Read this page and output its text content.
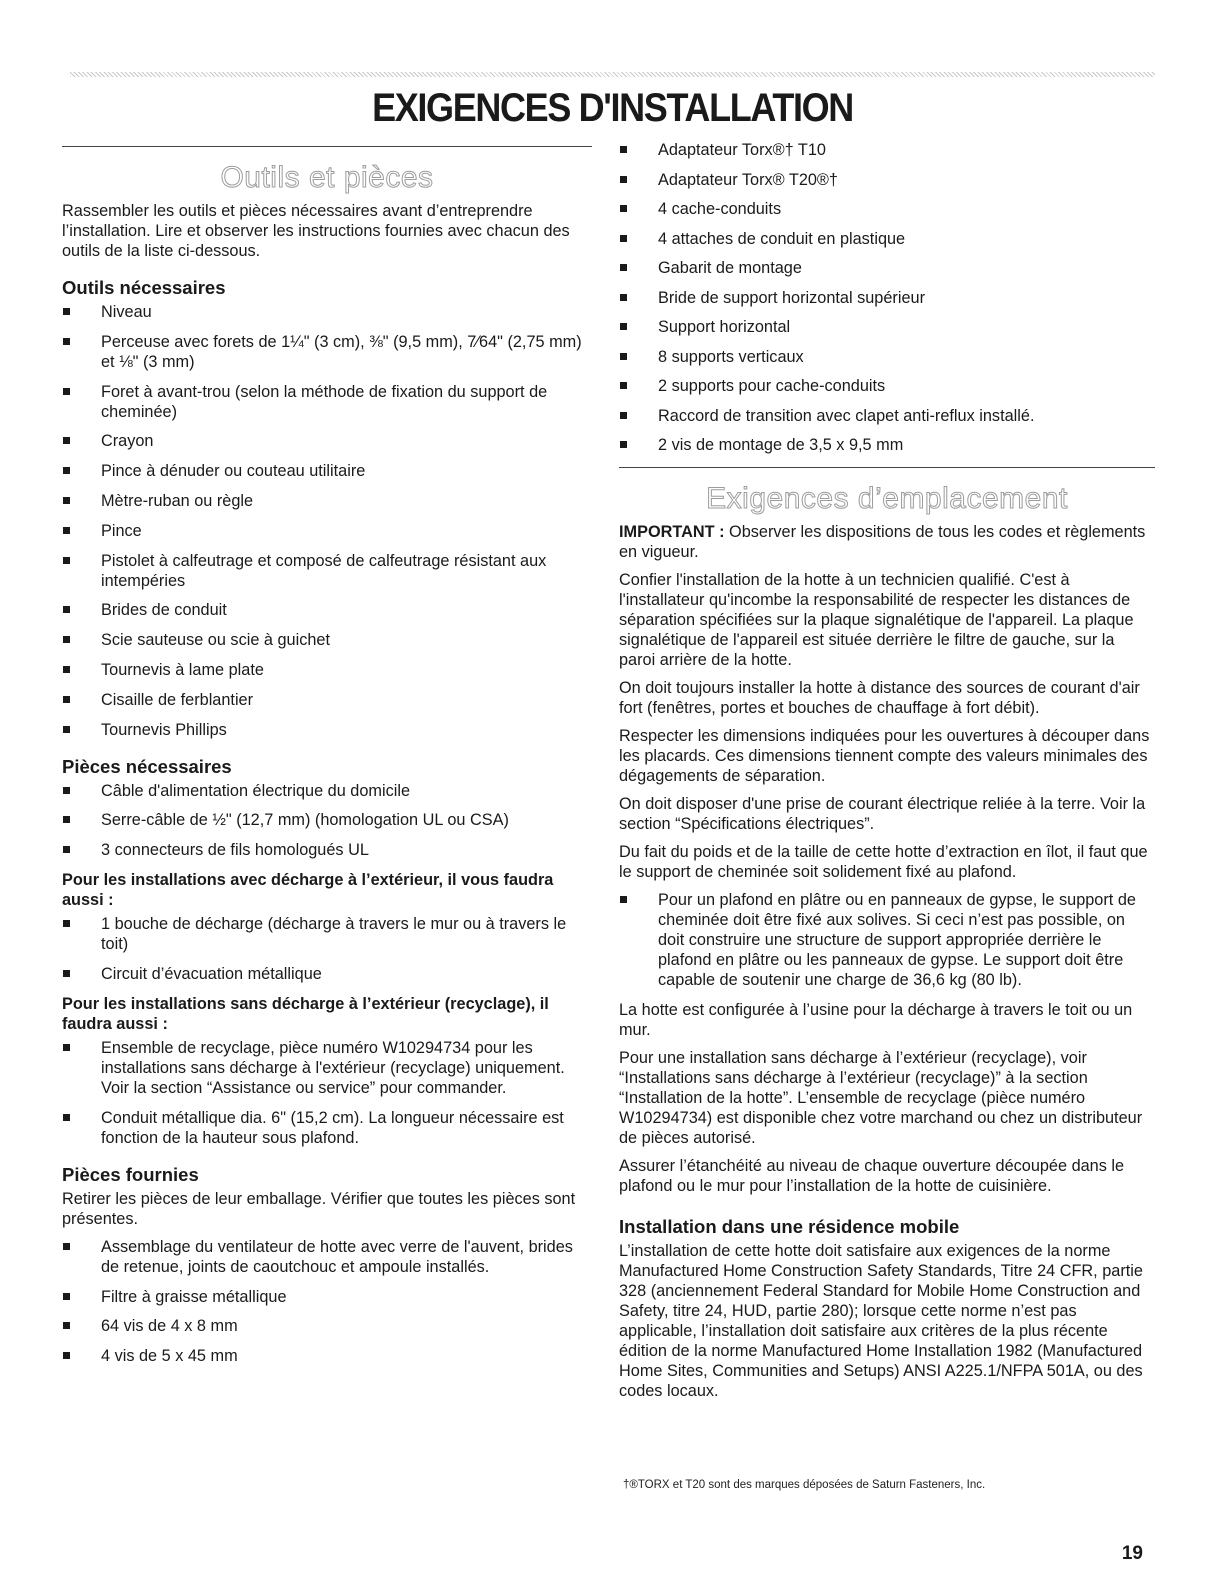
EXIGENCES D'INSTALLATION
Outils et pièces

Rassembler les outils et pièces nécessaires avant d’entreprendre l’installation. Lire et observer les instructions fournies avec chacun des outils de la liste ci-dessous.

Outils nécessaires
Niveau
Perceuse avec forets de 1¼" (3 cm), ⅜" (9,5 mm), 7⁄64" (2,75 mm) et ⅛" (3 mm)
Foret à avant-trou (selon la méthode de fixation du support de cheminée)
Crayon
Pince à dénuder ou couteau utilitaire
Mètre-ruban ou règle
Pince
Pistolet à calfeutrage et composé de calfeutrage résistant aux intempéries
Brides de conduit
Scie sauteuse ou scie à guichet
Tournevis à lame plate
Cisaille de ferblantier
Tournevis Phillips
Pièces nécessaires
Câble d'alimentation électrique du domicile
Serre-câble de ½" (12,7 mm) (homologation UL ou CSA)
3 connecteurs de fils homologués UL
Pour les installations avec décharge à l’extérieur, il vous faudra aussi :
1 bouche de décharge (décharge à travers le mur ou à travers le toit)
Circuit d’évacuation métallique
Pour les installations sans décharge à l’extérieur (recyclage), il faudra aussi :
Ensemble de recyclage, pièce numéro W10294734 pour les installations sans décharge à l'extérieur (recyclage) uniquement. Voir la section “Assistance ou service” pour commander.
Conduit métallique dia. 6" (15,2 cm). La longueur nécessaire est fonction de la hauteur sous plafond.
Pièces fournies

Retirer les pièces de leur emballage. Vérifier que toutes les pièces sont présentes.

Assemblage du ventilateur de hotte avec verre de l'auvent, brides de retenue, joints de caoutchouc et ampoule installés.
Filtre à graisse métallique
64 vis de 4 x 8 mm
4 vis de 5 x 45 mm
Adaptateur Torx®† T10
Adaptateur Torx® T20®†
4 cache-conduits
4 attaches de conduit en plastique
Gabarit de montage
Bride de support horizontal supérieur
Support horizontal
8 supports verticaux
2 supports pour cache-conduits
Raccord de transition avec clapet anti-reflux installé.
2 vis de montage de 3,5 x 9,5 mm
Exigences d’emplacement

IMPORTANT : Observer les dispositions de tous les codes et règlements en vigueur.

Confier l'installation de la hotte à un technicien qualifié. C'est à l'installateur qu'incombe la responsabilité de respecter les distances de séparation spécifiées sur la plaque signalétique de l'appareil. La plaque signalétique de l'appareil est située derrière le filtre de gauche, sur la paroi arrière de la hotte.

On doit toujours installer la hotte à distance des sources de courant d'air fort (fenêtres, portes et bouches de chauffage à fort débit).

Respecter les dimensions indiquées pour les ouvertures à découper dans les placards. Ces dimensions tiennent compte des valeurs minimales des dégagements de séparation.

On doit disposer d'une prise de courant électrique reliée à la terre. Voir la section “Spécifications électriques”.

Du fait du poids et de la taille de cette hotte d’extraction en îlot, il faut que le support de cheminée soit solidement fixé au plafond.

Pour un plafond en plâtre ou en panneaux de gypse, le support de cheminée doit être fixé aux solives. Si ceci n’est pas possible, on doit construire une structure de support appropriée derrière le plafond en plâtre ou les panneaux de gypse. Le support doit être capable de soutenir une charge de 36,6 kg (80 lb).

La hotte est configurée à l’usine pour la décharge à travers le toit ou un mur.

Pour une installation sans décharge à l’extérieur (recyclage), voir “Installations sans décharge à l’extérieur (recyclage)” à la section “Installation de la hotte”. L’ensemble de recyclage (pièce numéro W10294734) est disponible chez votre marchand ou chez un distributeur de pièces autorisé.

Assurer l’étanchéité au niveau de chaque ouverture découpée dans le plafond ou le mur pour l’installation de la hotte de cuisinière.

Installation dans une résidence mobile

L’installation de cette hotte doit satisfaire aux exigences de la norme Manufactured Home Construction Safety Standards, Titre 24 CFR, partie 328 (anciennement Federal Standard for Mobile Home Construction and Safety, titre 24, HUD, partie 280); lorsque cette norme n’est pas applicable, l’installation doit satisfaire aux critères de la plus récente édition de la norme Manufactured Home Installation 1982 (Manufactured Home Sites, Communities and Setups) ANSI A225.1/NFPA 501A, ou des codes locaux.

†®TORX et T20 sont des marques déposées de Saturn Fasteners, Inc.
19
